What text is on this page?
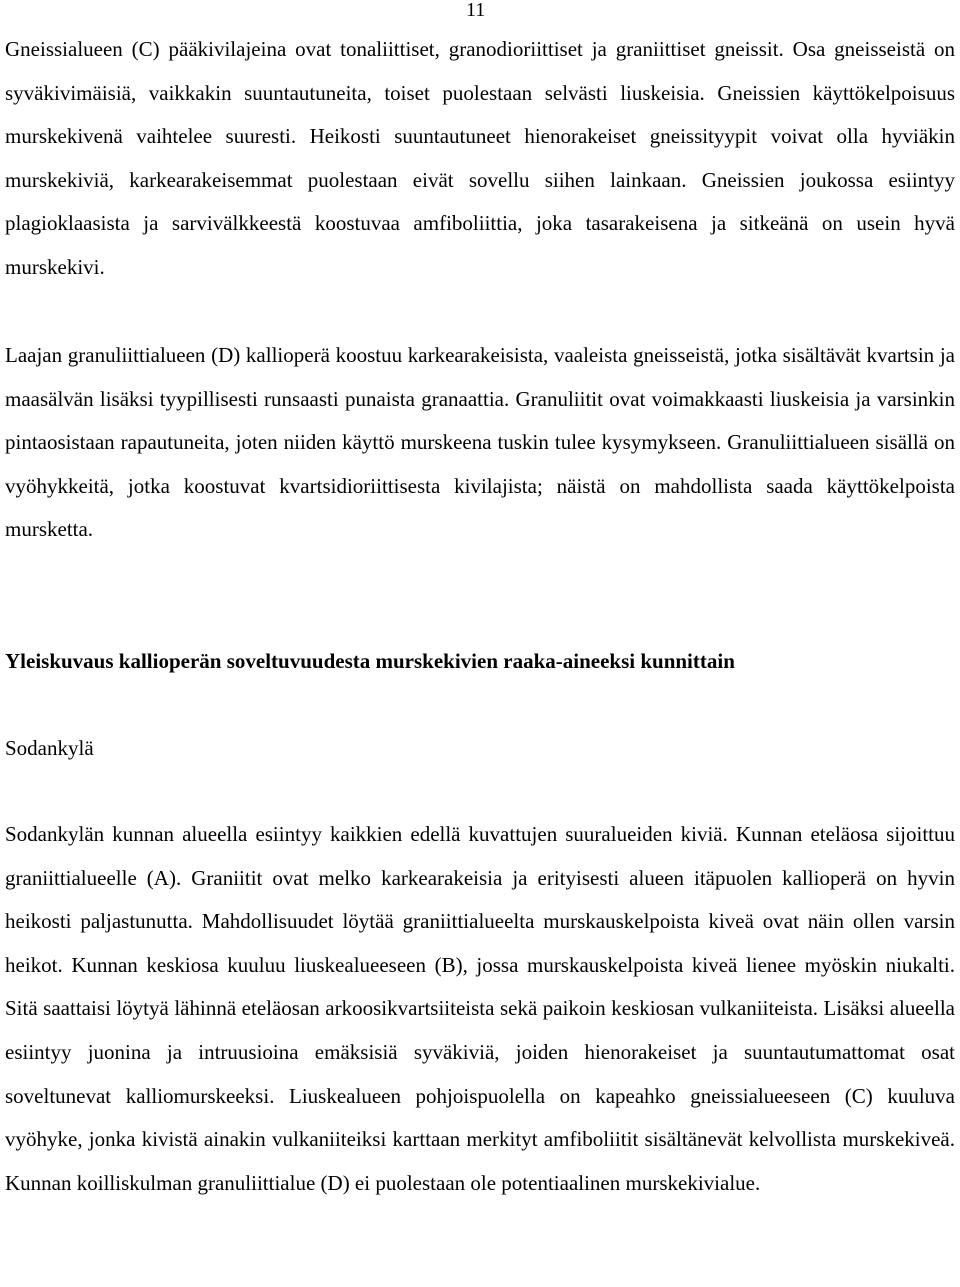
11

Gneissialueen (C) pääkivilajeina ovat tonaliittiset, granodioriittiset ja graniittiset gneissit. Osa gneisseistä on syväkivimäisiä, vaikkakin suuntautuneita, toiset puolestaan selvästi liuskeisia. Gneissien käyttökelpoisuus murskekivenä vaihtelee suuresti. Heikosti suuntautuneet hienorakeiset gneissityypit voivat olla hyviäkin murskekiviä, karkearakeisemmat puolestaan eivät sovellu siihen lainkaan. Gneissien joukossa esiintyy plagioklaasista ja sarvivälkkeestä koostuvaa amfiboliittia, joka tasarakeisena ja sitkeänä on usein hyvä murskekivi.

Laajan granuliittialueen (D) kallioperä koostuu karkearakeisista, vaaleista gneisseistä, jotka sisältävät kvartsin ja maasälvän lisäksi tyypillisesti runsaasti punaista granaattia. Granuliitit ovat voimakkaasti liuskeisia ja varsinkin pintaosistaan rapautuneita, joten niiden käyttö murskeena tuskin tulee kysymykseen. Granuliittialueen sisällä on vyöhykkeitä, jotka koostuvat kvartsidioriittisesta kivilajista; näistä on mahdollista saada käyttökelpoista mursketta.

Yleiskuvaus kallioperän soveltuvuudesta murskekivien raaka-aineeksi kunnittain
Sodankylä

Sodankylän kunnan alueella esiintyy kaikkien edellä kuvattujen suuralueiden kiviä. Kunnan eteläosa sijoittuu graniittialueelle (A). Graniitit ovat melko karkearakeisia ja erityisesti alueen itäpuolen kallioperä on hyvin heikosti paljastunutta. Mahdollisuudet löytää graniittialueelta murskauskelpoista kiveä ovat näin ollen varsin heikot. Kunnan keskiosa kuuluu liuskealueeseen (B), jossa murskauskelpoista kiveä lienee myöskin niukalti. Sitä saattaisi löytyä lähinnä eteläosan arkoosikvartsiiteista sekä paikoin keskiosan vulkaniiteista. Lisäksi alueella esiintyy juonina ja intruusioina emäksisiä syväkiviä, joiden hienorakeiset ja suuntautumattomat osat soveltunevat kalliomurskeeksi. Liuskealueen pohjoispuolella on kapeahko gneissialueeseen (C) kuuluva vyöhyke, jonka kivistä ainakin vulkaniiteiksi karttaan merkityt amfiboliitit sisältänevät kelvollista murskekiveä. Kunnan koilliskulman granuliittialue (D) ei puolestaan ole potentiaalinen murskekivialue.
